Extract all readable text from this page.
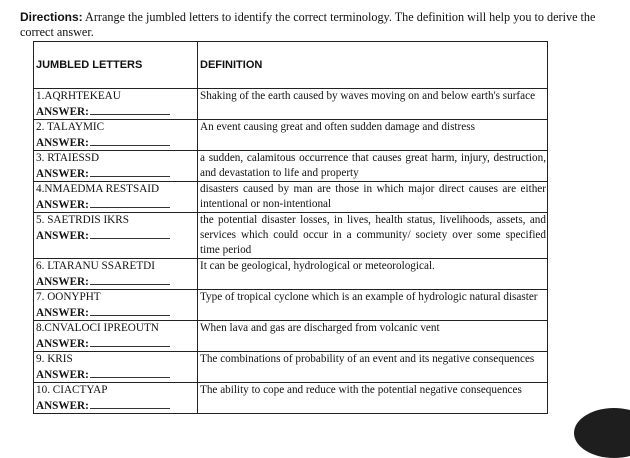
Directions: Arrange the jumbled letters to identify the correct terminology. The definition will help you to derive the correct answer.
JUMBLED LETTERS	DEFINITION

1.AQRHTEKEAU
ANSWER:	Shaking of the earth caused by waves moving on and below earth's surface

2. TALAYMIC
ANSWER:	An event causing great and often sudden damage and distress

3. RTAIESSD
ANSWER:	a sudden, calamitous occurrence that causes great harm, injury, destruction, and devastation to life and property

4.NMAEDMA RESTSAID
ANSWER:	disasters caused by man are those in which major direct causes are either intentional or non-intentional

5. SAETRDIS IKRS
ANSWER:	the potential disaster losses, in lives, health status, livelihoods, assets, and services which could occur in a community/ society over some specified time period

6. LTARANU SSARETDI
ANSWER:	It can be geological, hydrological or meteorological.

7. OONYPHT
ANSWER:	Type of tropical cyclone which is an example of hydrologic natural disaster

8.CNVALOCI IPREOUTN
ANSWER:	When lava and gas are discharged from volcanic vent

9. KRIS
ANSWER:	The combinations of probability of an event and its negative consequences

10. CIACTYAP
ANSWER:	The ability to cope and reduce with the potential negative consequences
